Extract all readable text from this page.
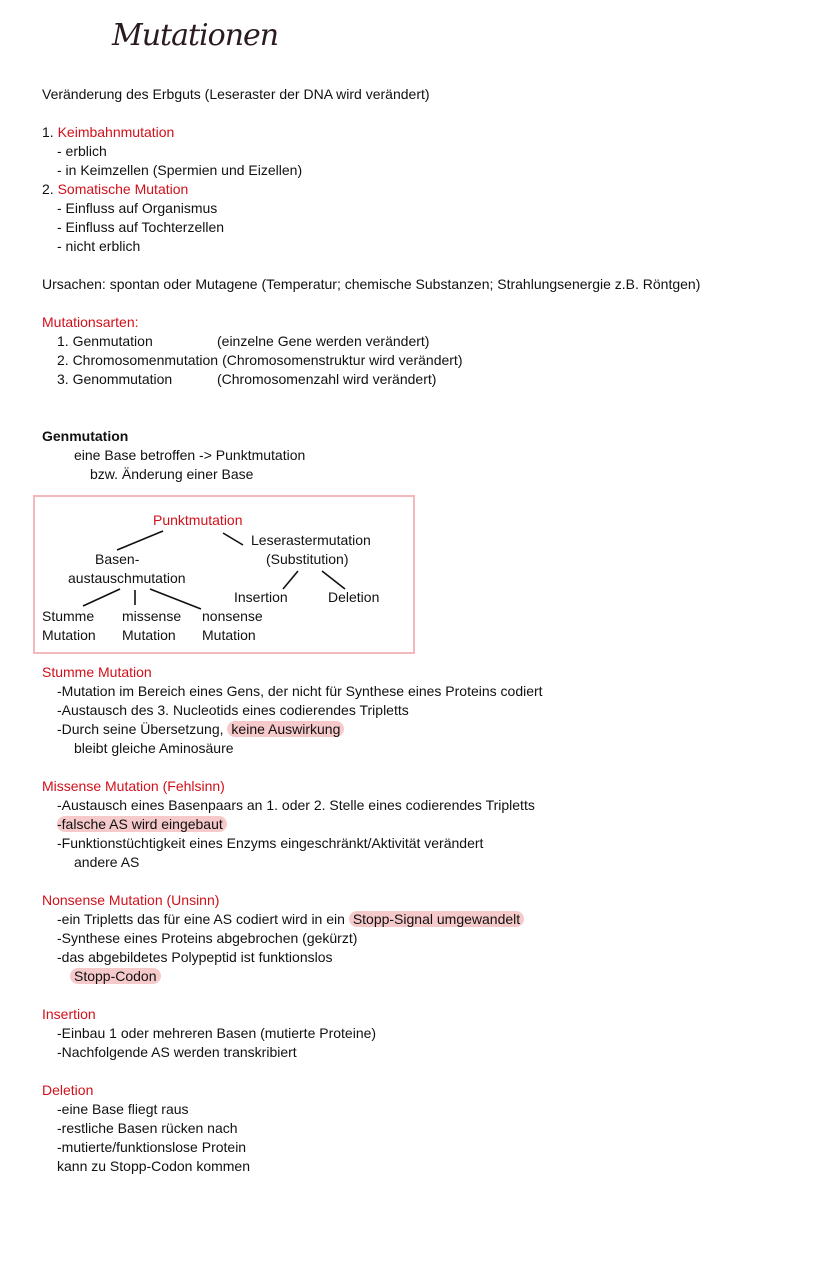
Mutationen
Veränderung des Erbguts (Leseraster der DNA wird verändert)
1. Keimbahnmutation
- erblich
- in Keimzellen (Spermien und Eizellen)
2. Somatische Mutation
- Einfluss auf Organismus
- Einfluss auf Tochterzellen
- nicht erblich
Ursachen: spontan oder Mutagene (Temperatur; chemische Substanzen; Strahlungsenergie z.B. Röntgen)
Mutationsarten:
1. Genmutation	(einzelne Gene werden verändert)
2. Chromosomenmutation (Chromosomenstruktur wird verändert)
3. Genommutation	(Chromosomenzahl wird verändert)
Genmutation
eine Base betroffen -> Punktmutation
bzw. Änderung einer Base
Punktmutation
Leserastermutation
(Substitution)
Basen-
austauschmutation
Insertion	Deletion
Stumme
Mutation
missense
Mutation
nonsense
Mutation
Stumme Mutation
-Mutation im Bereich eines Gens, der nicht für Synthese eines Proteins codiert
-Austausch des 3. Nucleotids eines codierendes Tripletts
-Durch seine Übersetzung, keine Auswirkung
bleibt gleiche Aminosäure
Missense Mutation (Fehlsinn)
-Austausch eines Basenpaars an 1. oder 2. Stelle eines codierendes Tripletts
-falsche AS wird eingebaut
-Funktionstüchtigkeit eines Enzyms eingeschränkt/Aktivität verändert
andere AS
Nonsense Mutation (Unsinn)
-ein Tripletts das für eine AS codiert wird in ein Stopp-Signal umgewandelt
-Synthese eines Proteins abgebrochen (gekürzt)
-das abgebildetes Polypeptid ist funktionslos
Stopp-Codon
Insertion
-Einbau 1 oder mehreren Basen (mutierte Proteine)
-Nachfolgende AS werden transkribiert
Deletion
-eine Base fliegt raus
-restliche Basen rücken nach
-mutierte/funktionslose Protein
kann zu Stopp-Codon kommen
